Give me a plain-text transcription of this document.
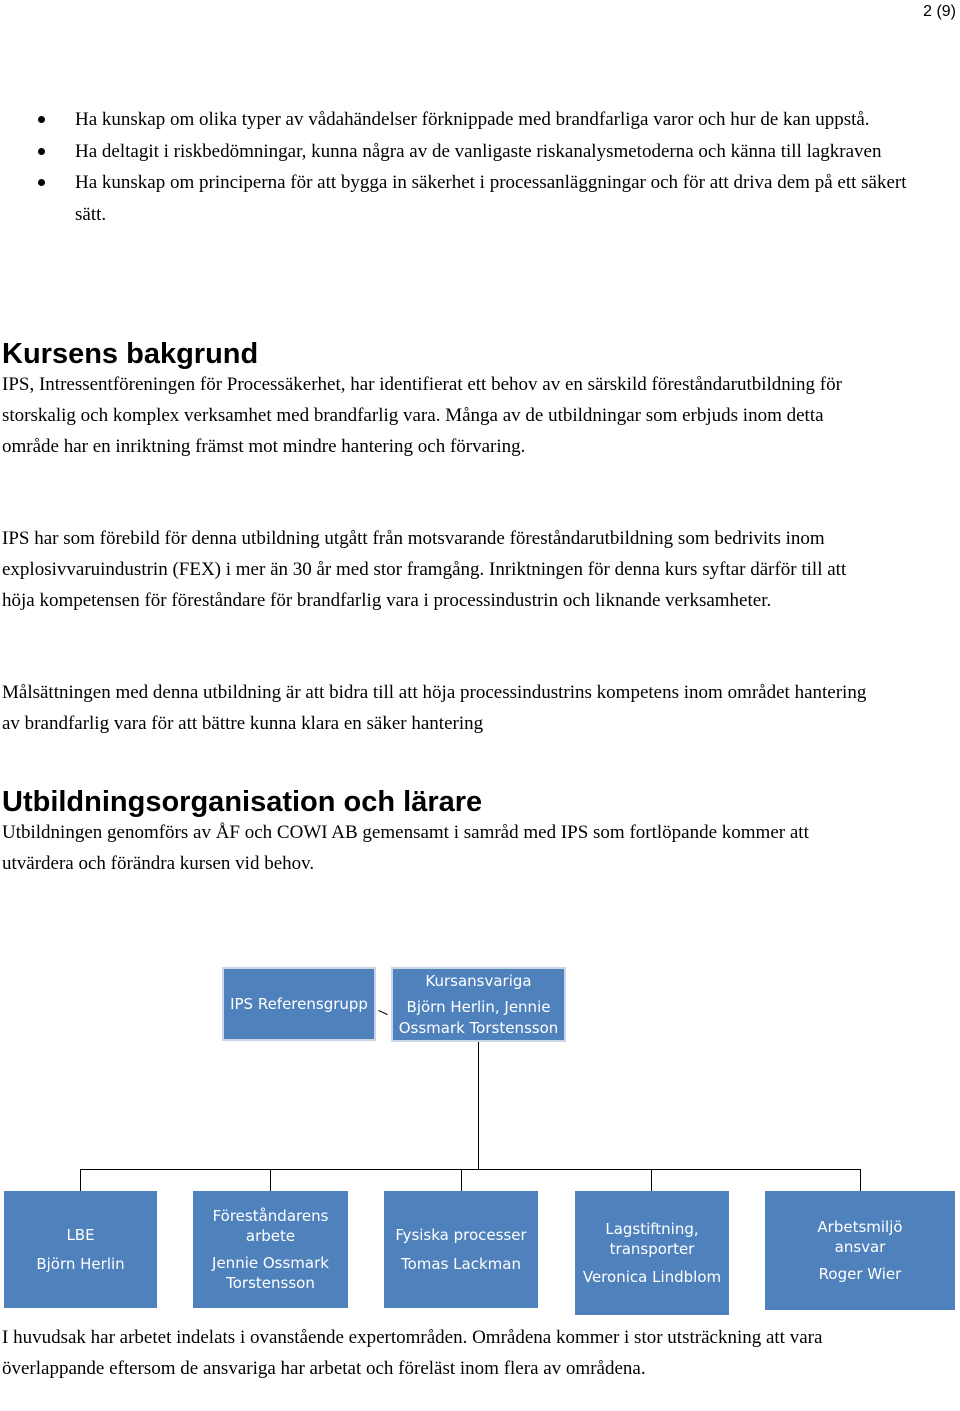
2 (9)
Ha kunskap om olika typer av vådahändelser förknippade med brandfarliga varor och hur de kan uppstå.
Ha deltagit i riskbedömningar, kunna några av de vanligaste riskanalysmetoderna och känna till lagkraven
Ha kunskap om principerna för att bygga in säkerhet i processanläggningar och för att driva dem på ett säkert sätt.
Kursens bakgrund

IPS, Intressentföreningen för Processäkerhet, har identifierat ett behov av en särskild föreståndarutbildning för storskalig och komplex verksamhet med brandfarlig vara. Många av de utbildningar som erbjuds inom detta område har en inriktning främst mot mindre hantering och förvaring.

IPS har som förebild för denna utbildning utgått från motsvarande föreståndarutbildning som bedrivits inom explosivvaruindustrin (FEX) i mer än 30 år med stor framgång. Inriktningen för denna kurs syftar därför till att höja kompetensen för föreståndare för brandfarlig vara i processindustrin och liknande verksamheter.

Målsättningen med denna utbildning är att bidra till att höja processindustrins kompetens inom området hantering av brandfarlig vara för att bättre kunna klara en säker hantering

Utbildningsorganisation och lärare

Utbildningen genomförs av ÅF och COWI AB gemensamt i samråd med IPS som fortlöpande kommer att utvärdera och förändra kursen vid behov.

IPS Referensgrupp
Kursansvariga
Björn Herlin, Jennie Ossmark Torstensson
LBE
Björn Herlin
Föreståndarens arbete
Jennie Ossmark Torstensson
Fysiska processer
Tomas Lackman
Lagstiftning, transporter
Veronica Lindblom
Arbetsmiljö ansvar
Roger Wier

I huvudsak har arbetet indelats i ovanstående expertområden. Områdena kommer i stor utsträckning att vara överlappande eftersom de ansvariga har arbetat och föreläst inom flera av områdena.
